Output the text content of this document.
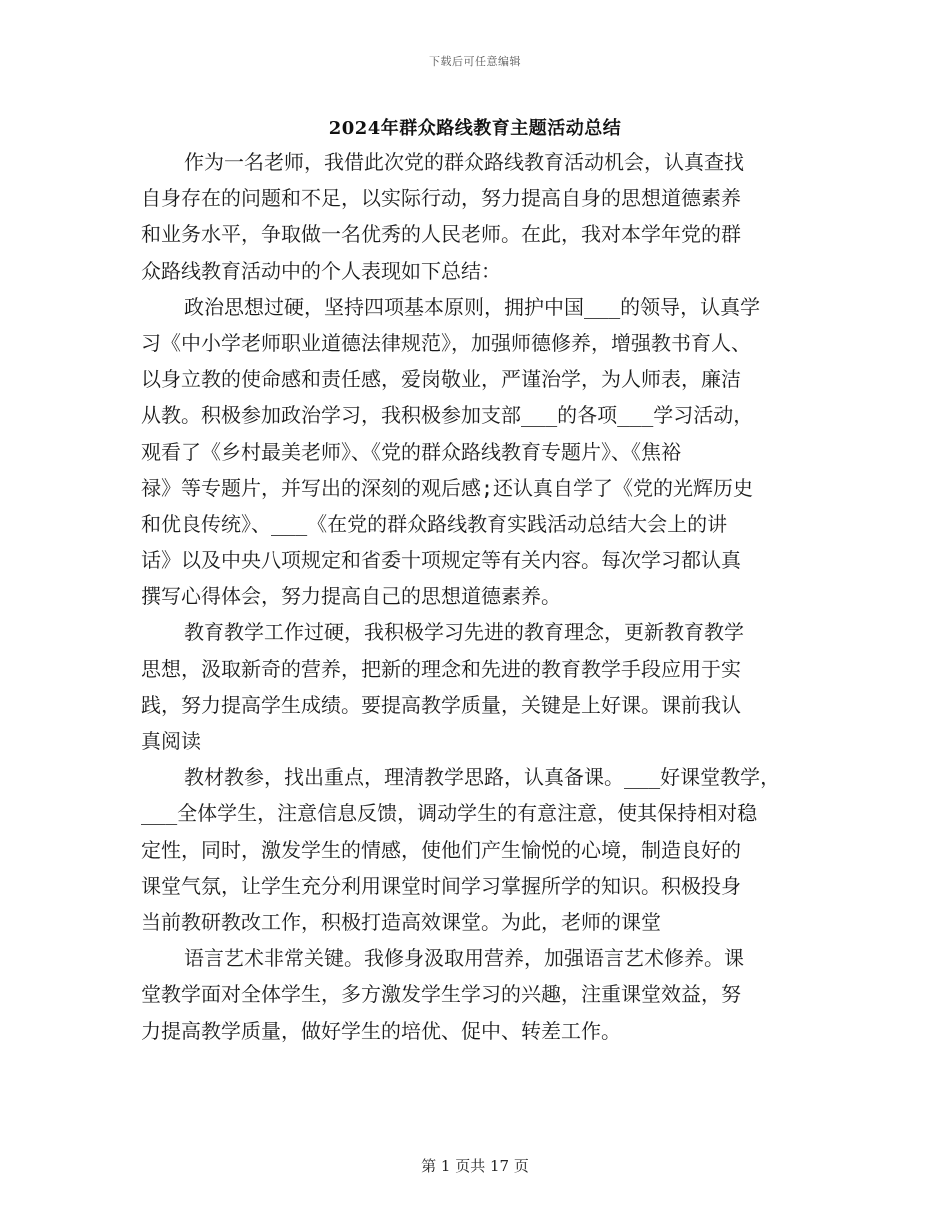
下载后可任意编辑
2024年群众路线教育主题活动总结
作为一名老师，我借此次党的群众路线教育活动机会，认真查找
自身存在的问题和不足，以实际行动，努力提高自身的思想道德素养
和业务水平，争取做一名优秀的人民老师。在此，我对本学年党的群
众路线教育活动中的个人表现如下总结：
政治思想过硬，坚持四项基本原则，拥护中国___的领导，认真学
习《中小学老师职业道德法律规范》，加强师德修养，增强教书育人、
以身立教的使命感和责任感，爱岗敬业，严谨治学，为人师表，廉洁
从教。积极参加政治学习，我积极参加支部___的各项___学习活动，
观看了《乡村最美老师》、《党的群众路线教育专题片》、《焦裕
禄》等专题片，并写出的深刻的观后感;还认真自学了《党的光辉历史
和优良传统》、___《在党的群众路线教育实践活动总结大会上的讲
话》以及中央八项规定和省委十项规定等有关内容。每次学习都认真
撰写心得体会，努力提高自己的思想道德素养。
教育教学工作过硬，我积极学习先进的教育理念，更新教育教学
思想，汲取新奇的营养，把新的理念和先进的教育教学手段应用于实
践，努力提高学生成绩。要提高教学质量，关键是上好课。课前我认
真阅读
教材教参，找出重点，理清教学思路，认真备课。___好课堂教学，
___全体学生，注意信息反馈，调动学生的有意注意，使其保持相对稳
定性，同时，激发学生的情感，使他们产生愉悦的心境，制造良好的
课堂气氛，让学生充分利用课堂时间学习掌握所学的知识。积极投身
当前教研教改工作，积极打造高效课堂。为此，老师的课堂
语言艺术非常关键。我修身汲取用营养，加强语言艺术修养。课
堂教学面对全体学生，多方激发学生学习的兴趣，注重课堂效益，努
力提高教学质量，做好学生的培优、促中、转差工作。
第 1 页共 17 页
